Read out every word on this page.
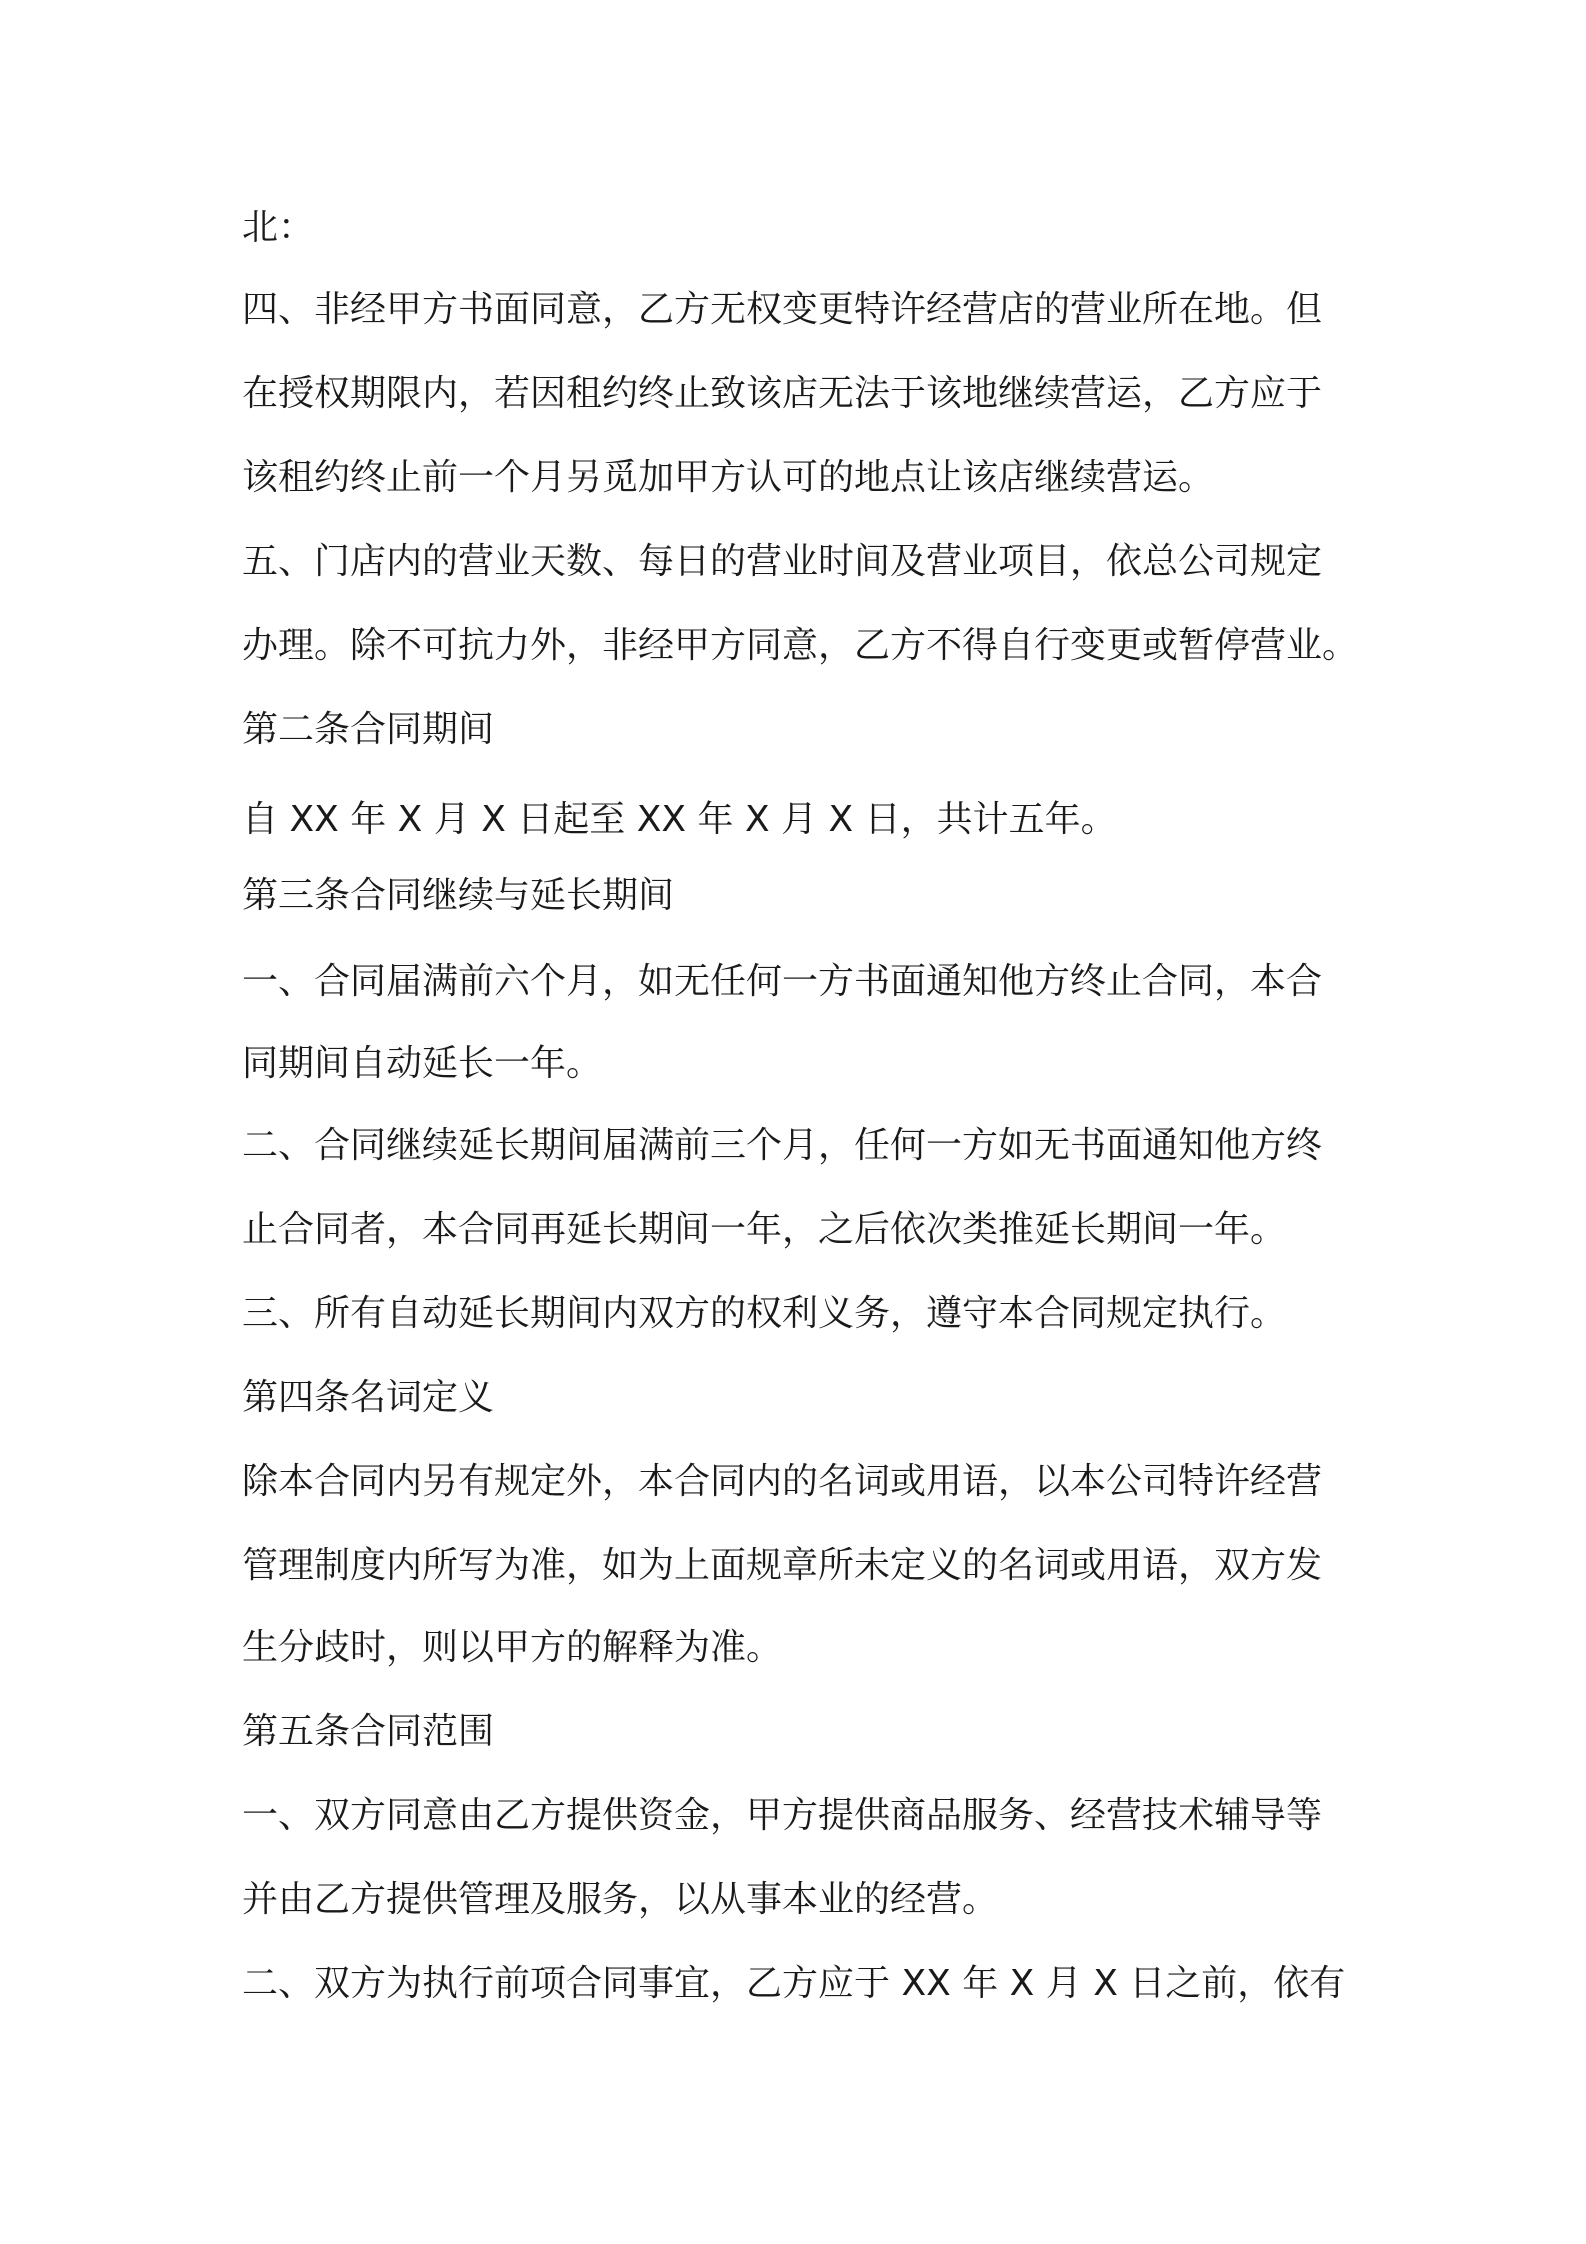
北：
四、非经甲方书面同意，乙方无权变更特许经营店的营业所在地。但
在授权期限内，若因租约终止致该店无法于该地继续营运，乙方应于
该租约终止前一个月另觅加甲方认可的地点让该店继续营运。
五、门店内的营业天数、每日的营业时间及营业项目，依总公司规定
办理。除不可抗力外，非经甲方同意，乙方不得自行变更或暂停营业。
第二条合同期间
自 XX 年 X 月 X 日起至 XX 年 X 月 X 日，共计五年。
第三条合同继续与延长期间
一、合同届满前六个月，如无任何一方书面通知他方终止合同，本合
同期间自动延长一年。
二、合同继续延长期间届满前三个月，任何一方如无书面通知他方终
止合同者，本合同再延长期间一年，之后依次类推延长期间一年。
三、所有自动延长期间内双方的权利义务，遵守本合同规定执行。
第四条名词定义
除本合同内另有规定外，本合同内的名词或用语，以本公司特许经营
管理制度内所写为准，如为上面规章所未定义的名词或用语，双方发
生分歧时，则以甲方的解释为准。
第五条合同范围
一、双方同意由乙方提供资金，甲方提供商品服务、经营技术辅导等
并由乙方提供管理及服务，以从事本业的经营。
二、双方为执行前项合同事宜，乙方应于 XX 年 X 月 X 日之前，依有
